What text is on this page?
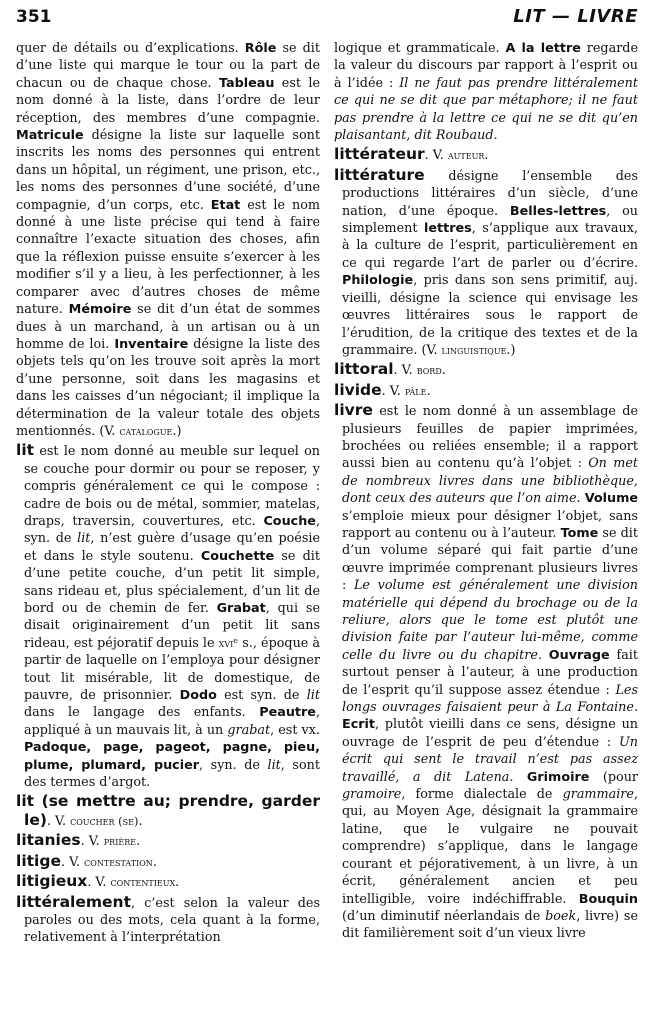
351	LIT — LIVRE

quer de détails ou d’explications. Rôle se dit d’une liste qui marque le tour ou la part de chacun ou de chaque chose. Tableau est le nom donné à la liste, dans l’ordre de leur réception, des membres d’une compagnie. Matricule désigne la liste sur laquelle sont inscrits les noms des personnes qui entrent dans un hôpital, un régiment, une prison, etc., les noms des personnes d’une société, d’une compagnie, d’un corps, etc. Etat est le nom donné à une liste précise qui tend à faire connaître l’exacte situation des choses, afin que la réflexion puisse ensuite s’exercer à les modifier s’il y a lieu, à les perfectionner, à les comparer avec d’autres choses de même nature. Mémoire se dit d’un état de sommes dues à un marchand, à un artisan ou à un homme de loi. Inventaire désigne la liste des objets tels qu’on les trouve soit après la mort d’une personne, soit dans les magasins et dans les caisses d’un négociant; il implique la détermination de la valeur totale des objets mentionnés. (V. catalogue.)

lit est le nom donné au meuble sur lequel on se couche pour dormir ou pour se reposer, y compris généralement ce qui le compose : cadre de bois ou de métal, sommier, matelas, draps, traversin, couvertures, etc. Couche, syn. de lit, n’est guère d’usage qu’en poésie et dans le style soutenu. Couchette se dit d’une petite couche, d’un petit lit simple, sans rideau et, plus spécialement, d’un lit de bord ou de chemin de fer. Grabat, qui se disait originairement d’un petit lit sans rideau, est péjoratif depuis le xviᵉ s., époque à partir de laquelle on l’employa pour désigner tout lit misérable, lit de domestique, de pauvre, de prisonnier. Dodo est syn. de lit dans le langage des enfants. Peautre, appliqué à un mauvais lit, à un grabat, est vx. Padoque, page, pageot, pagne, pieu, plume, plumard, pucier, syn. de lit, sont des termes d’argot.

lit (se mettre au; prendre, garder le). V. coucher (se).

litanies. V. prière.

litige. V. contestation.

litigieux. V. contentieux.

littéralement, c’est selon la valeur des paroles ou des mots, cela quant à la forme, relativement à l’interprétation

logique et grammaticale. A la lettre regarde la valeur du discours par rapport à l’esprit ou à l’idée : Il ne faut pas prendre littéralement ce qui ne se dit que par métaphore; il ne faut pas prendre à la lettre ce qui ne se dit qu’en plaisantant, dit Roubaud.

littérateur. V. auteur.

littérature désigne l’ensemble des productions littéraires d’un siècle, d’une nation, d’une époque. Belles-lettres, ou simplement lettres, s’applique aux travaux, à la culture de l’esprit, particulièrement en ce qui regarde l’art de parler ou d’écrire. Philologie, pris dans son sens primitif, auj. vieilli, désigne la science qui envisage les œuvres littéraires sous le rapport de l’érudition, de la critique des textes et de la grammaire. (V. linguistique.)

littoral. V. bord.

livide. V. pâle.

livre est le nom donné à un assemblage de plusieurs feuilles de papier imprimées, brochées ou reliées ensemble; il a rapport aussi bien au contenu qu’à l’objet : On met de nombreux livres dans une bibliothèque, dont ceux des auteurs que l’on aime. Volume s’emploie mieux pour désigner l’objet, sans rapport au contenu ou à l’auteur. Tome se dit d’un volume séparé qui fait partie d’une œuvre imprimée comprenant plusieurs livres : Le volume est généralement une division matérielle qui dépend du brochage ou de la reliure, alors que le tome est plutôt une division faite par l’auteur lui-même, comme celle du livre ou du chapitre. Ouvrage fait surtout penser à l’auteur, à une production de l’esprit qu’il suppose assez étendue : Les longs ouvrages faisaient peur à La Fontaine. Ecrit, plutôt vieilli dans ce sens, désigne un ouvrage de l’esprit de peu d’étendue : Un écrit qui sent le travail n’est pas assez travaillé, a dit Latena. Grimoire (pour gramoire, forme dialectale de grammaire, qui, au Moyen Age, désignait la grammaire latine, que le vulgaire ne pouvait comprendre) s’applique, dans le langage courant et péjorativement, à un livre, à un écrit, généralement ancien et peu intelligible, voire indéchiffrable. Bouquin (d’un diminutif néerlandais de boek, livre) se dit familièrement soit d’un vieux livre
